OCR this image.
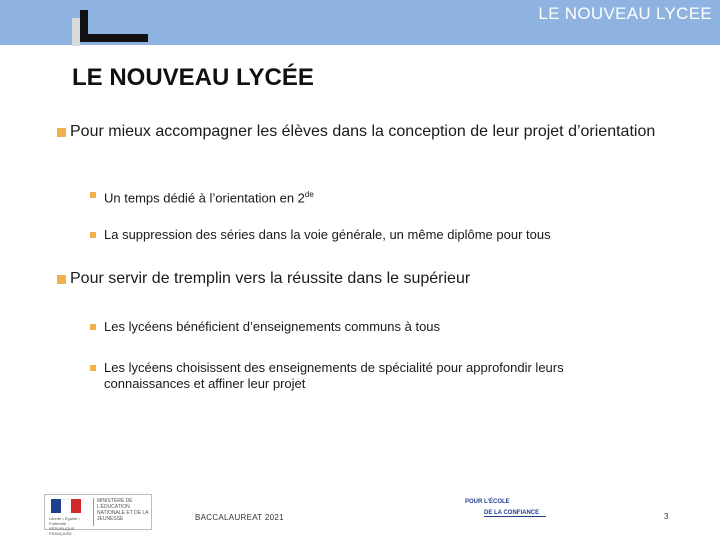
LE NOUVEAU LYCEE
LE NOUVEAU LYCÉE
Pour mieux accompagner les élèves dans la conception de leur projet d’orientation
Un temps dédié à l’orientation en 2de
La suppression des séries dans la voie générale, un même diplôme pour tous
Pour servir de tremplin vers la réussite dans le supérieur
Les lycéens bénéficient d’enseignements communs à tous
Les lycéens choisissent des enseignements de spécialité pour approfondir leurs connaissances et affiner leur projet
Liberté • Égalité • Fraternité RÉPUBLIQUE FRANÇAISE
MINISTÈRE DE L’ÉDUCATION NATIONALE ET DE LA JEUNESSE	BACCALAUREAT 2021
POUR L’ÉCOLE
DE LA CONFIANCE	3
